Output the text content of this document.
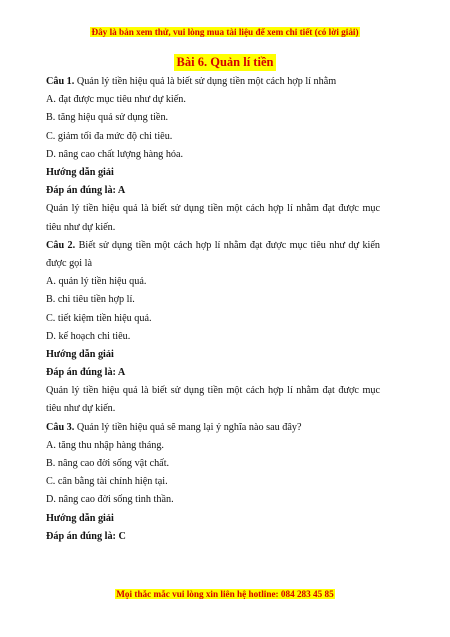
Đây là bản xem thử, vui lòng mua tài liệu để xem chi tiết (có lời giải)
Bài 6. Quản lí tiền
Câu 1. Quản lý tiền hiệu quả là biết sử dụng tiền một cách hợp lí nhằm
A. đạt được mục tiêu như dự kiến.
B. tăng hiệu quả sử dụng tiền.
C. giảm tối đa mức độ chi tiêu.
D. nâng cao chất lượng hàng hóa.
Hướng dẫn giải
Đáp án đúng là: A
Quản lý tiền hiệu quả là biết sử dụng tiền một cách hợp lí nhằm đạt được mục tiêu như dự kiến.
Câu 2. Biết sử dụng tiền một cách hợp lí nhằm đạt được mục tiêu như dự kiến được gọi là
A. quản lý tiền hiệu quả.
B. chi tiêu tiền hợp lí.
C. tiết kiệm tiền hiệu quả.
D. kế hoạch chi tiêu.
Hướng dẫn giải
Đáp án đúng là: A
Quản lý tiền hiệu quả là biết sử dụng tiền một cách hợp lí nhằm đạt được mục tiêu như dự kiến.
Câu 3. Quản lý tiền hiệu quả sẽ mang lại ý nghĩa nào sau đây?
A. tăng thu nhập hàng tháng.
B. nâng cao đời sống vật chất.
C. cân bằng tài chính hiện tại.
D. nâng cao đời sống tinh thần.
Hướng dẫn giải
Đáp án đúng là: C
Mọi thắc mắc vui lòng xin liên hệ hotline: 084 283 45 85
